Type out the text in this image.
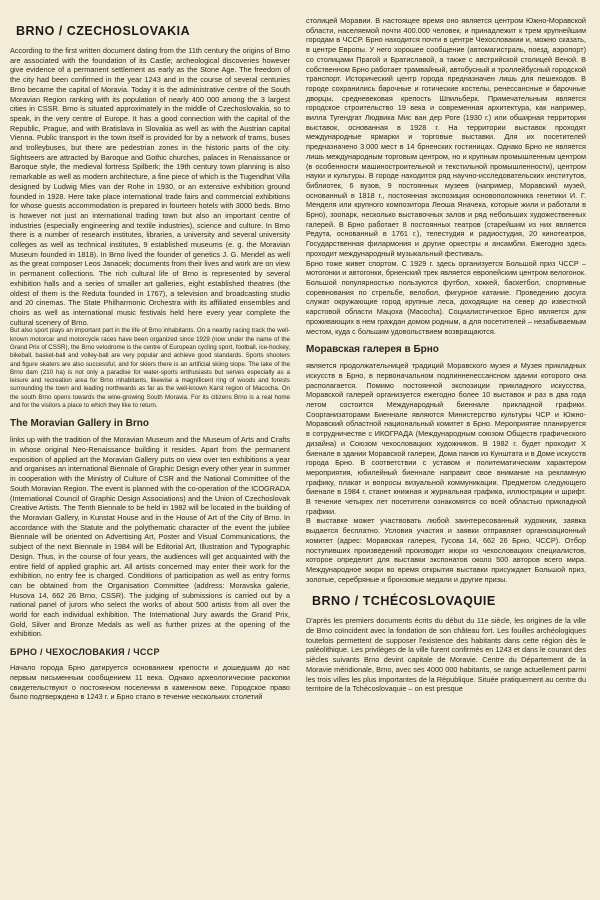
BRNO / CZECHOSLOVAKIA

According to the first written document dating from the 11th century the origins of Brno are associated with the foundation of its Castle; archeological discoveries however give evidence of a permanent settlement as early as the Stone Age. The freedom of the city had been confirmed in the year 1243 and in the course of several centuries Brno became the capital of Moravia. Today it is the administrative centre of the South Moravian Region ranking with its population of nearly 400 000 among the 3 largest cities in CSSR. Brno is situated approximately in the middle of Czechoslovakia, so to speak, in the very centre of Europe. It has a good connection with the capital of the Republic, Prague, and with Bratislava in Slovakia as well as with the Austrian capital Vienna. Public transport in the town itself is provided for by a network of trams, buses and trolleybuses, but there are pedestrian zones in the historic parts of the city. Sightseers are attracted by Baroque and Gothic churches, palaces in Renaissance or Baroque style, the medieval fortress Spilberk; the 19th century town planning is also remarkable as well as modern architecture, a fine piece of which is the Tugendhat Villa designed by Ludwig Mies van der Rohe in 1930, or an extensive exhibition ground founded in 1928. Here take place international trade fairs and commercial exhibitions for whose guests accommodation is prepared in fourteen hotels with 3000 beds. Brno is however not just an international trading town but also an important centre of industries (especially engineering and textile industries), science and culture. In Brno there is a number of research institutes, libraries, a university and several university colleges as well as technical institutes, 9 established museums (e. g. the Moravian Museum founded in 1818). In Brno lived the founder of genetics J. G. Mendel as well as the great composer Leos Janacek; documents from their lives and work are on view in permanent collections. The rich cultural life of Brno is represented by several exhibition halls and a series of smaller art galleries, eight established theatres (the oldest of them is the Reduta founded in 1767), a television and broadcasting studio and 20 cinemas. The State Philharmonic Orchestra with its affiliated ensembles and choirs as well as international music festivals held here every year complete the cultural scenery of Brno.

But also sport plays an important part in the life of Brno inhabitants. On a nearby racing track the well-known motorcar and motorcycle races have been organized since 1929 (now under the name of the Grand Prix of CSSR), the Brno velodrome is the centre of European cycling sport, football, ice-hockey, bikeball, basket-ball and volley-ball are very popular and achieve good standards. Sports shooters and figure skaters are also successful, and for skiers there is an artificial skiing slope. The lake of the Brno dam (210 ha) is not only a paradise for water-sports enthusiasts but serves especially as a leisure and recreation area for Brno inhabitants, likewise a magnificent ring of woods and forests surrounding the town and leading northwards as far as the well-known Karst region of Macocha. On the south Brno opens towards the wine-growing South Moravia. For its citizens Brno is a real home and for the visitors a place to which they like to return.

The Moravian Gallery in Brno

links up with the tradition of the Moravian Museum and the Museum of Arts and Crafts in whose original Neo-Renaissance building it resides. Apart from the permanent exposition of applied art the Moravian Gallery puts on view over ten exhibitions a year and organises an international Biennale of Graphic Design every other year in summer in cooperation with the Ministry of Culture of CSR and the National Committee of the South Moravian Region. The event is planned with the co-operation of the ICOGRADA (International Council of Graphic Design Associations) and the Union of Czechoslovak Creative Artists. The Tenth Biennale to be held in 1982 will be located in the building of the Moravian Gallery, in Kunstat House and in the House of Art of the City of Brno. In accordance with the Statute and the polythematic character of the event the jubilee Biennale will be oriented on Advertising Art, Poster and Visual Communications, the subject of the next Biennale in 1984 will be Editorial Art, Illustration and Typographic Design. Thus, in the course of four years, the audiences will get acquainted with the entire field of applied graphic art. All artists concerned may enter their work for the exhibition, no entry fee is charged. Conditions of participation as well as entry forms can be obtained from the Organisation Committee (address: Moravska galerie, Husova 14, 662 26 Brno, CSSR). The judging of submissions is carried out by a national panel of jurors who select the works of about 500 artists from all over the world for each individual exhibition. The International Jury awards the Grand Prix, Gold, Silver and Bronze Medals as well as further prizes at the opening of the exhibition.

БРНО / ЧЕХОСЛОВАКИЯ / ЧССР

Начало города Брно датируется основанием крепости и дошедшим до нас первым письменным сообщением 11 века. Однако археологические раскопки свидетельствуют о постоянном поселении в каменном веке. Городское право было подтверждено в 1243 г. и Брно стало в течение нескольких столетий

столицей Моравии. В настоящее время оно является центром Южно-Моравской области, населяемой почти 400.000 человек, и принадлежит к трем крупнейшим городам в ЧССР. Брно находится почти в центре Чехословакии и, можно сказать, в центре Европы. У него хорошее сообщение (автомагистраль, поезд, аэропорт) со столицами Прагой и Братиславой, а также с австрийской столицей Веной. В собственном Брно работает трамвайный, автобусный и троллейбусный городской транспорт. Исторический центр города предназначен лишь для пешеходов. В городе сохранились барочные и готические костелы, ренессансные и барочные дворцы, средневековая крепость Шпильберк. Примечательным является городское строительство 19 века и современная архитектура, как например, вилла Тугендгат Людвика Мис ван дер Роге (1930 г.) или обширная территория выставок, основанная в 1928 г. На территории выставок проходят международные ярмарки и торговые выставки. Для их посетителей предназначено 3.000 мест в 14 брненских гостиницах. Однако Брно не является лишь международным торговым центром, но и крупным промышленным центром (в особенности машиностроительной и текстильной промышленности), центром науки и культуры. В городе находится ряд научно-исследовательских институтов, библиотек, 6 вузов, 9 постоянных музеев (например, Моравский музей, основанный в 1818 г., постоянная экспозиция основоположника генетики И. Г. Менделя или крупного композитора Леоша Яначека, которые жили и работали в Брно), зоопарк, несколько выставочных залов и ряд небольших художественных галерей. В Брно работает 8 постоянных театров (старейшим из них является Редута, основанный в 1761 г.), телестудия и радиостудия, 20 кинотеатров, Государственная филармония и другие оркестры и ансамбли. Ежегодно здесь проходит международный музыкальный фестиваль.

Брно тоже живет спортом. С 1929 г. здесь организуется Большой приз ЧССР – мотогонки и автогонки, брненский трек является европейским центром велогонок. Большой популярностью пользуются футбол, хоккей, баскетбол, спортивные соревнования по стрельбе, велобол, фигурное катание. Проведению досуга служат окружающие город крупные леса, доходящие на север до известной карстовой области Мацоха (Macocha). Социалистическое Брно является для проживающих в нем граждан домом родным, а для посетителей – незабываемым местом, куда с большим удовольствием возвращаются.

Моравская галерея в Брно

является продолжательницей традиций Моравского музея и Музея прикладных искусств в Брно, в первоначальном подлинненессансном здании которого она располагается. Помимо постоянной экспозиции прикладного искусства, Моравской галерей организуется ежегодно более 10 выставок и раз в два года летом состоится Международный биеннале прикладной графики. Соорганизаторами Биеннале являются Министерство культуры ЧСР и Южно-Моравский областной национальный комитет в Брно. Мероприятие планируется в сотрудничестве с ИКОГРАДА (Международным союзом Обществ графического дизайна) и Союзом чехословацких художников. В 1982 г. будет проходит X биенале в здании Моравской галереи, Дома панов из Кунштата и в Доме искусств города Брно. В соответствии с уставом и политематическим характером мероприятия, юбилейный биеннале направит свое внимание на рекламную графику, плакат и вопросы визуальной коммуникации. Предметом следующего биенале в 1984 г. станет книжная и журнальная графика, иллюстрации и шрифт. В течение четырех лет посетители ознакомятся со всей областью прикладной графики.

В выставке может участвовать любой заинтересованный художник, заявка выдается бесплатно. Условия участия и заявки отправляет организационный комитет (адрес: Моравская галерея, Гусова 14, 662 26 Брно, ЧССР). Отбор поступивших произведений производит жюри из чехословацких специалистов, которое определит для выставки экспонатов около 500 авторов всего мира. Международное жюри во время открытия выставки присуждает Большой приз, золотые, серебряные и бронзовые медали и другие призы.

BRNO / TCHÉCOSLOVAQUIE

D'après les premiers documents écrits du début du 11e siècle, les origines de la ville de Brno coïncident avec la fondation de son château fort. Les fouilles archéologiques toutefois permettent de supposer l'existence des habitants dans cette région dès le paléolithique. Les privilèges de la ville furent confirmés en 1243 et dans le courant des siècles suivants Brno devint capitale de Moravie. Centre du Département de la Moravie méridionale, Brno, avec ses 4000 000 habitants, se range actuellement parmi les trois villes les plus importantes de la République. Située pratiquement au centre du territoire de la Tchécoslovaquie – on est presque
